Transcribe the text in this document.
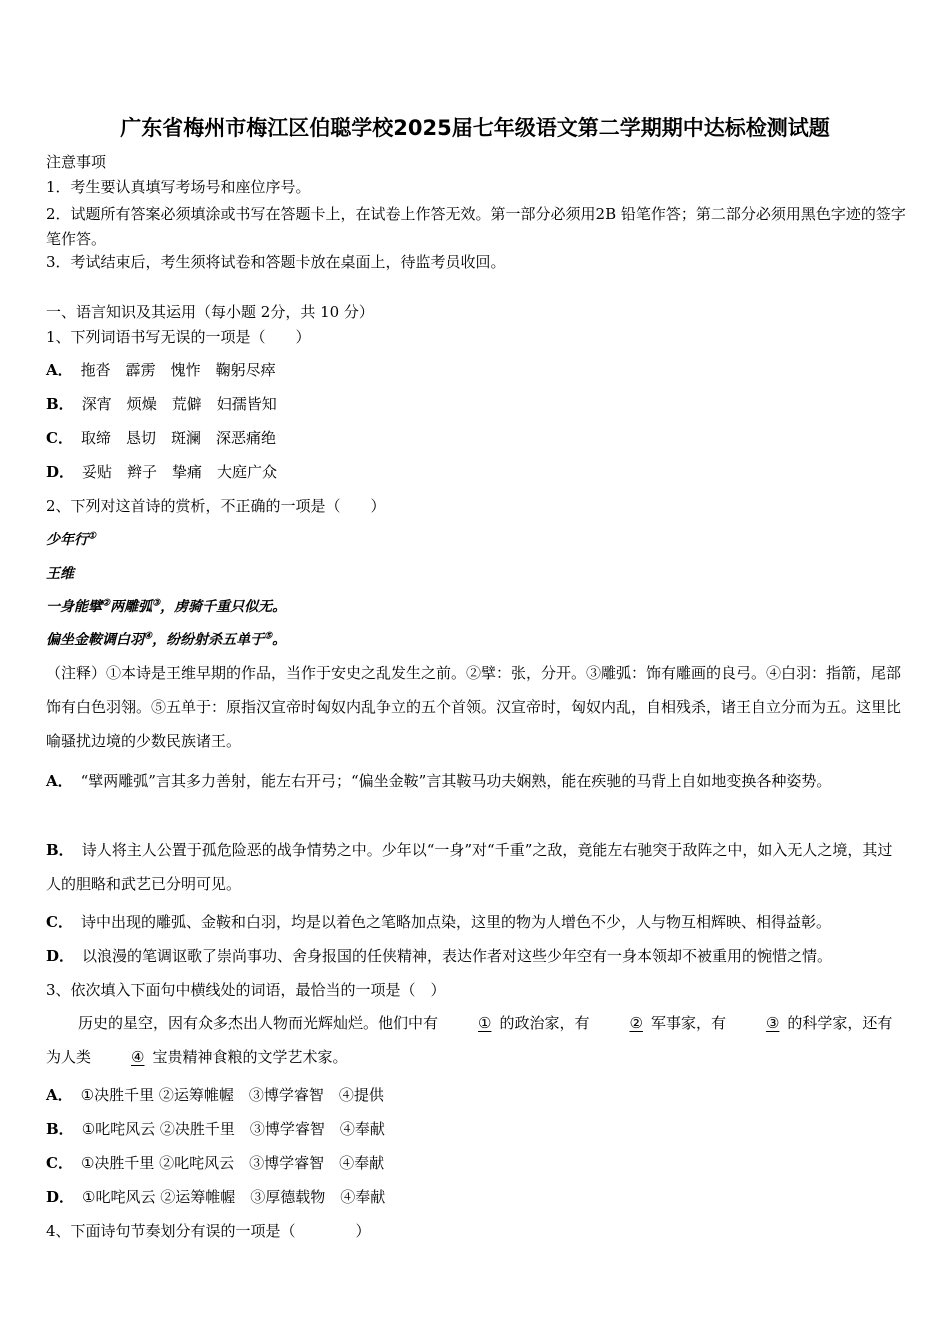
广东省梅州市梅江区伯聪学校2025届七年级语文第二学期期中达标检测试题
注意事项
1．考生要认真填写考场号和座位序号。
2．试题所有答案必须填涂或书写在答题卡上，在试卷上作答无效。第一部分必须用2B 铅笔作答；第二部分必须用黑色字迹的签字笔作答。
3．考试结束后，考生须将试卷和答题卡放在桌面上，待监考员收回。
一、语言知识及其运用（每小题 2分，共 10 分）
1、下列词语书写无误的一项是（　　）
A． 拖沓　霹雳　愧怍　鞠躬尽瘁
B． 深宵　烦燥　荒僻　妇孺皆知
C． 取缔　恳切　斑澜　深恶痛绝
D． 妥贴　辫子　挚痛　大庭广众
2、下列对这首诗的赏析，不正确的一项是（　　）
少年行①
王维
一身能擘②两雕弧③，虏骑千重只似无。
偏坐金鞍调白羽④，纷纷射杀五单于⑤。
（注释）①本诗是王维早期的作品，当作于安史之乱发生之前。②擘：张，分开。③雕弧：饰有雕画的良弓。④白羽：指箭，尾部饰有白色羽翎。⑤五单于：原指汉宣帝时匈奴内乱争立的五个首领。汉宣帝时，匈奴内乱，自相残杀，诸王自立分而为五。这里比喻骚扰边境的少数民族诸王。
A． “擘两雕弧”言其多力善射，能左右开弓；“偏坐金鞍”言其鞍马功夫娴熟，能在疾驰的马背上自如地变换各种姿势。
B． 诗人将主人公置于孤危险恶的战争情势之中。少年以“一身”对“千重”之敌，竟能左右驰突于敌阵之中，如入无人之境，其过人的胆略和武艺已分明可见。
C． 诗中出现的雕弧、金鞍和白羽，均是以着色之笔略加点染，这里的物为人增色不少，人与物互相辉映、相得益彰。
D． 以浪漫的笔调讴歌了崇尚事功、舍身报国的任侠精神，表达作者对这些少年空有一身本领却不被重用的惋惜之情。
3、依次填入下面句中横线处的词语，最恰当的一项是（　）
历史的星空，因有众多杰出人物而光辉灿烂。他们中有	① 的政治家，有	② 军事家，有	③ 的科学家，还有为人类	④ 宝贵精神食粮的文学艺术家。
A． ①决胜千里 ②运筹帷幄　③博学睿智　④提供
B． ①叱咤风云 ②决胜千里　③博学睿智　④奉献
C． ①决胜千里 ②叱咤风云　③博学睿智　④奉献
D． ①叱咤风云 ②运筹帷幄　③厚德载物　④奉献
4、下面诗句节奏划分有误的一项是（　　　　）
